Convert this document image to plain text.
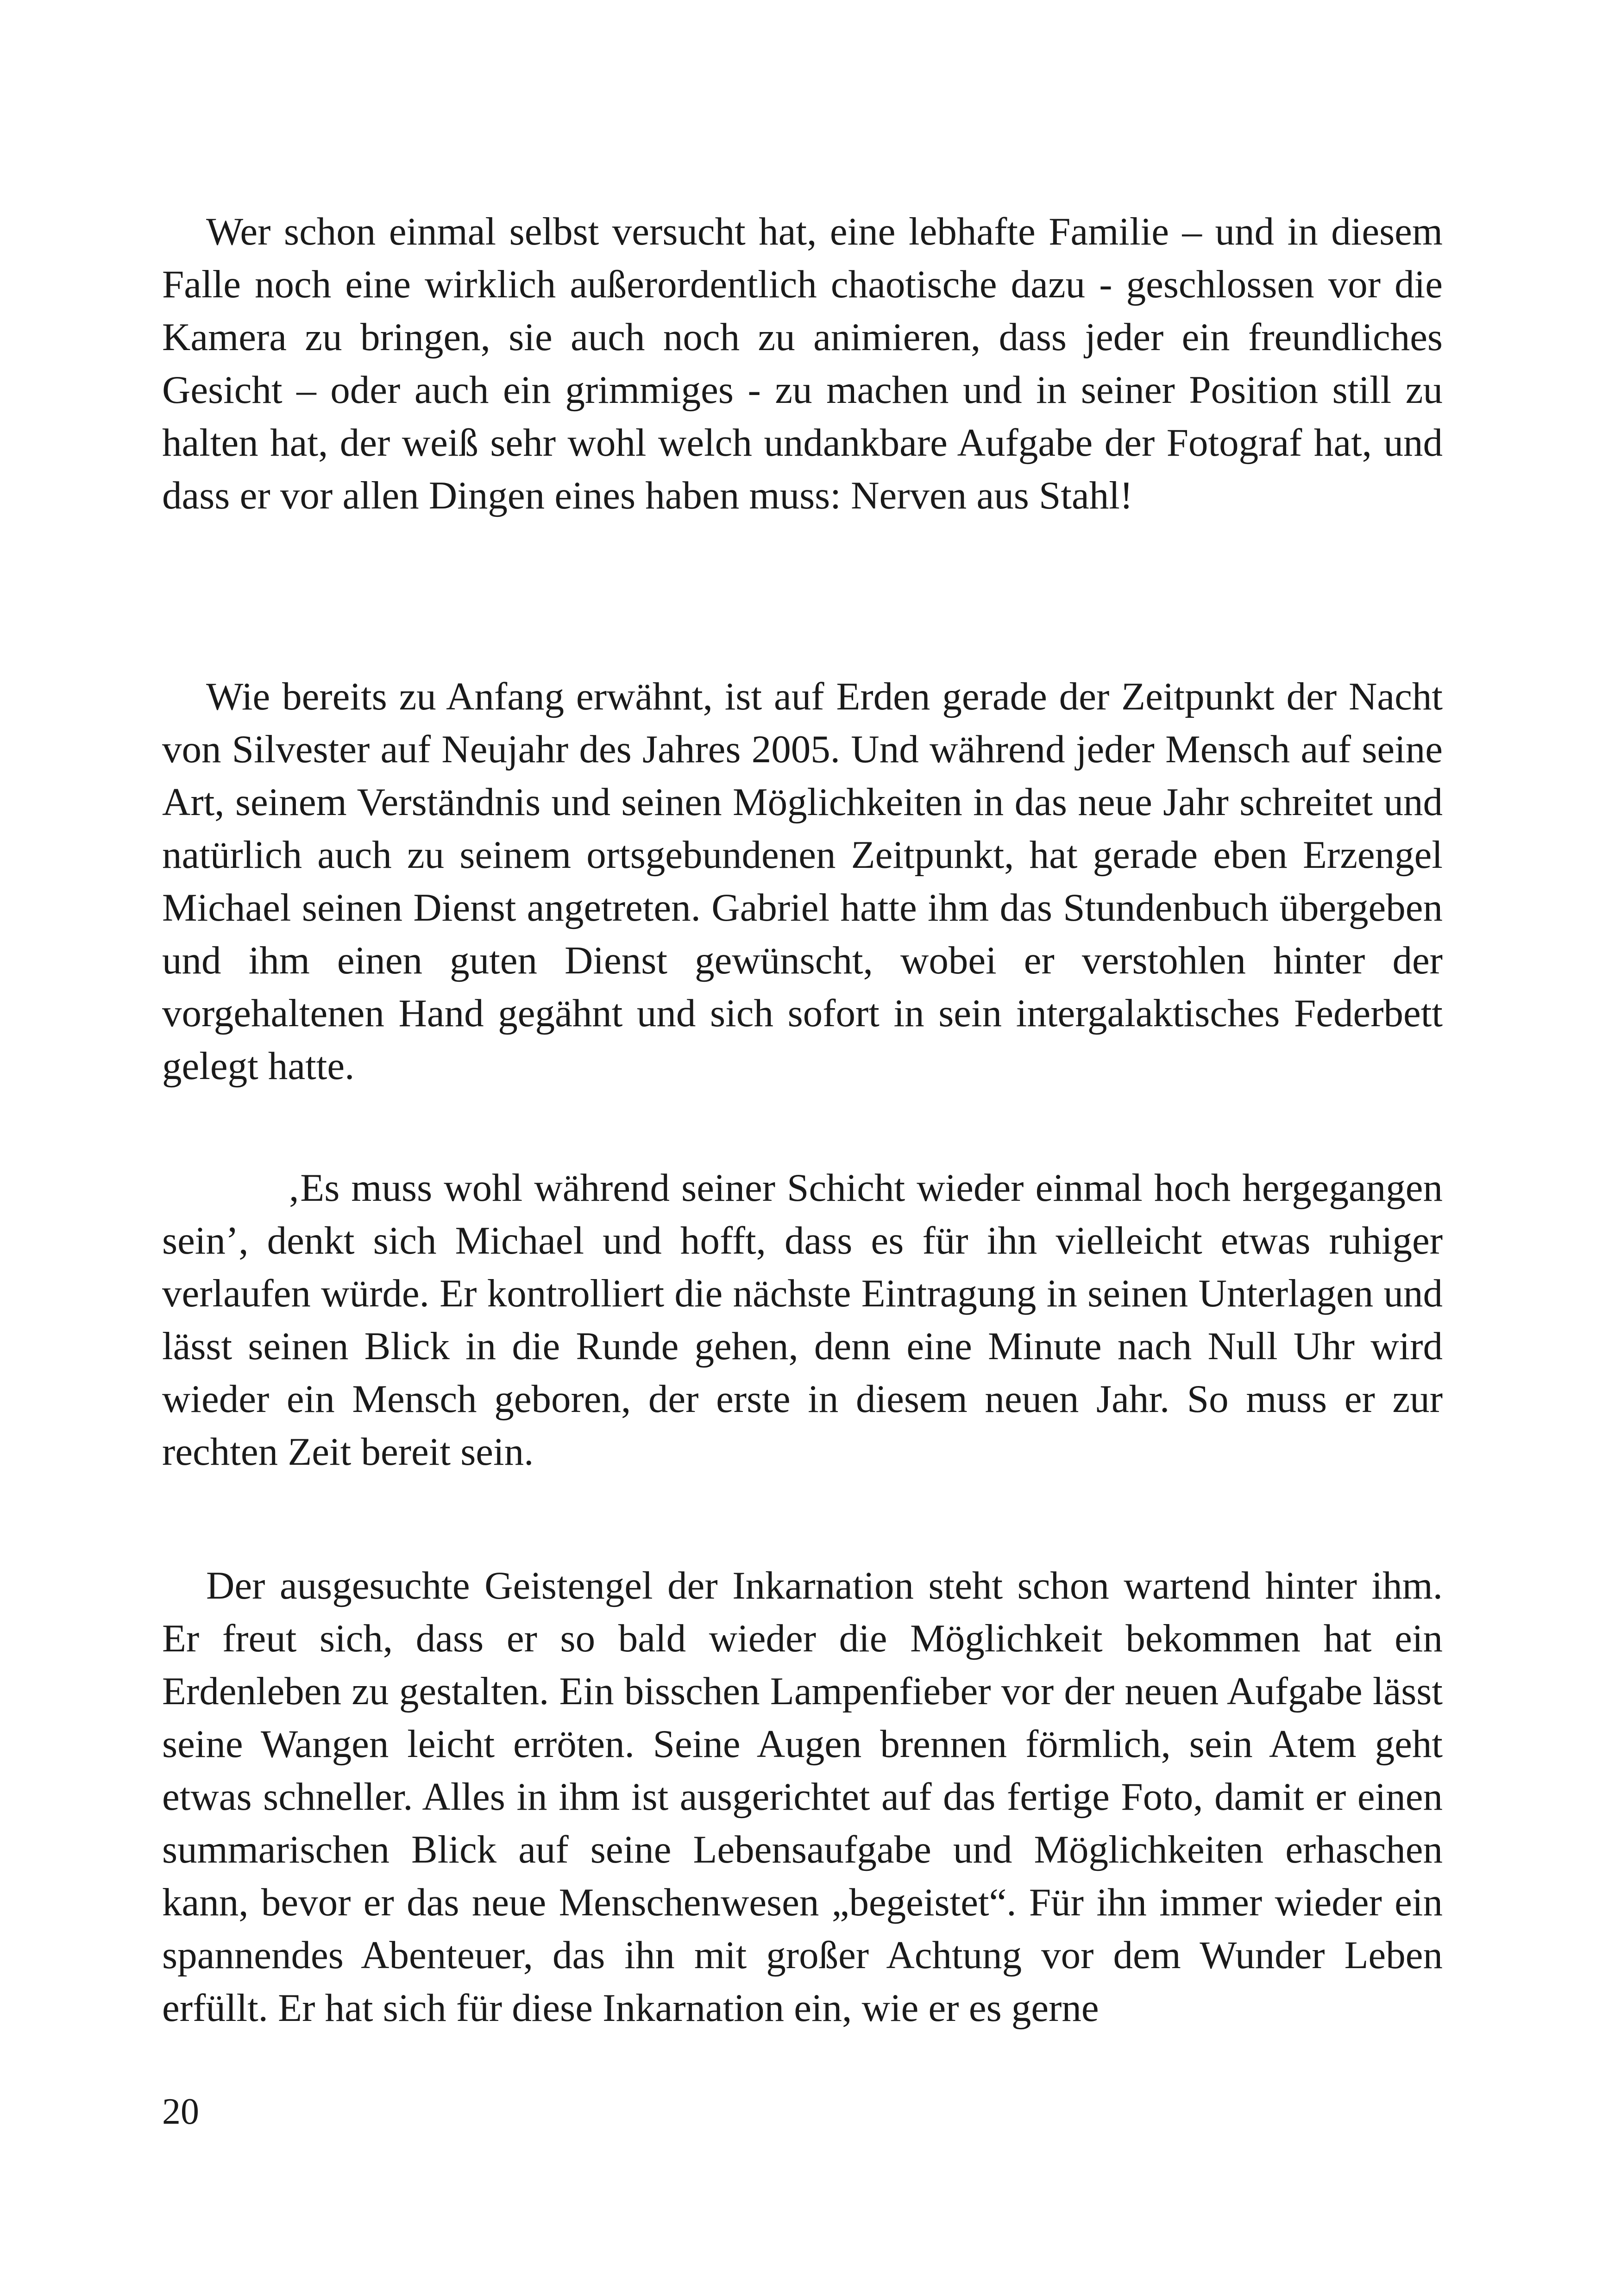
Wer schon einmal selbst versucht hat, eine lebhafte Familie – und in diesem Falle noch eine wirklich außerordentlich chaotische dazu - geschlossen vor die Kamera zu bringen, sie auch noch zu animieren, dass jeder ein freundliches Gesicht – oder auch ein grimmiges - zu machen und in seiner Position still zu halten hat, der weiß sehr wohl welch undankbare Aufgabe der Fotograf hat, und dass er vor allen Dingen eines haben muss: Nerven aus Stahl!

Wie bereits zu Anfang erwähnt, ist auf Erden gerade der Zeitpunkt der Nacht von Silvester auf Neujahr des Jahres 2005. Und während jeder Mensch auf seine Art, seinem Verständnis und seinen Möglichkeiten in das neue Jahr schreitet und natürlich auch zu seinem ortsgebundenen Zeitpunkt, hat gerade eben Erzengel Michael seinen Dienst angetreten. Gabriel hatte ihm das Stundenbuch übergeben und ihm einen guten Dienst gewünscht, wobei er verstohlen hinter der vorgehaltenen Hand gegähnt und sich sofort in sein intergalaktisches Federbett gelegt hatte.

‚Es muss wohl während seiner Schicht wieder einmal hoch hergegangen sein’, denkt sich Michael und hofft, dass es für ihn vielleicht etwas ruhiger verlaufen würde. Er kontrolliert die nächste Eintragung in seinen Unterlagen und lässt seinen Blick in die Runde gehen, denn eine Minute nach Null Uhr wird wieder ein Mensch geboren, der erste in diesem neuen Jahr. So muss er zur rechten Zeit bereit sein.

Der ausgesuchte Geistengel der Inkarnation steht schon wartend hinter ihm. Er freut sich, dass er so bald wieder die Möglichkeit bekommen hat ein Erdenleben zu gestalten. Ein bisschen Lampenfieber vor der neuen Aufgabe lässt seine Wangen leicht erröten. Seine Augen brennen förmlich, sein Atem geht etwas schneller. Alles in ihm ist ausgerichtet auf das fertige Foto, damit er einen summarischen Blick auf seine Lebensaufgabe und Möglichkeiten erhaschen kann, bevor er das neue Menschenwesen „begeistet“. Für ihn immer wieder ein spannendes Abenteuer, das ihn mit großer Achtung vor dem Wunder Leben erfüllt. Er hat sich für diese Inkarnation ein, wie er es gerne

20
